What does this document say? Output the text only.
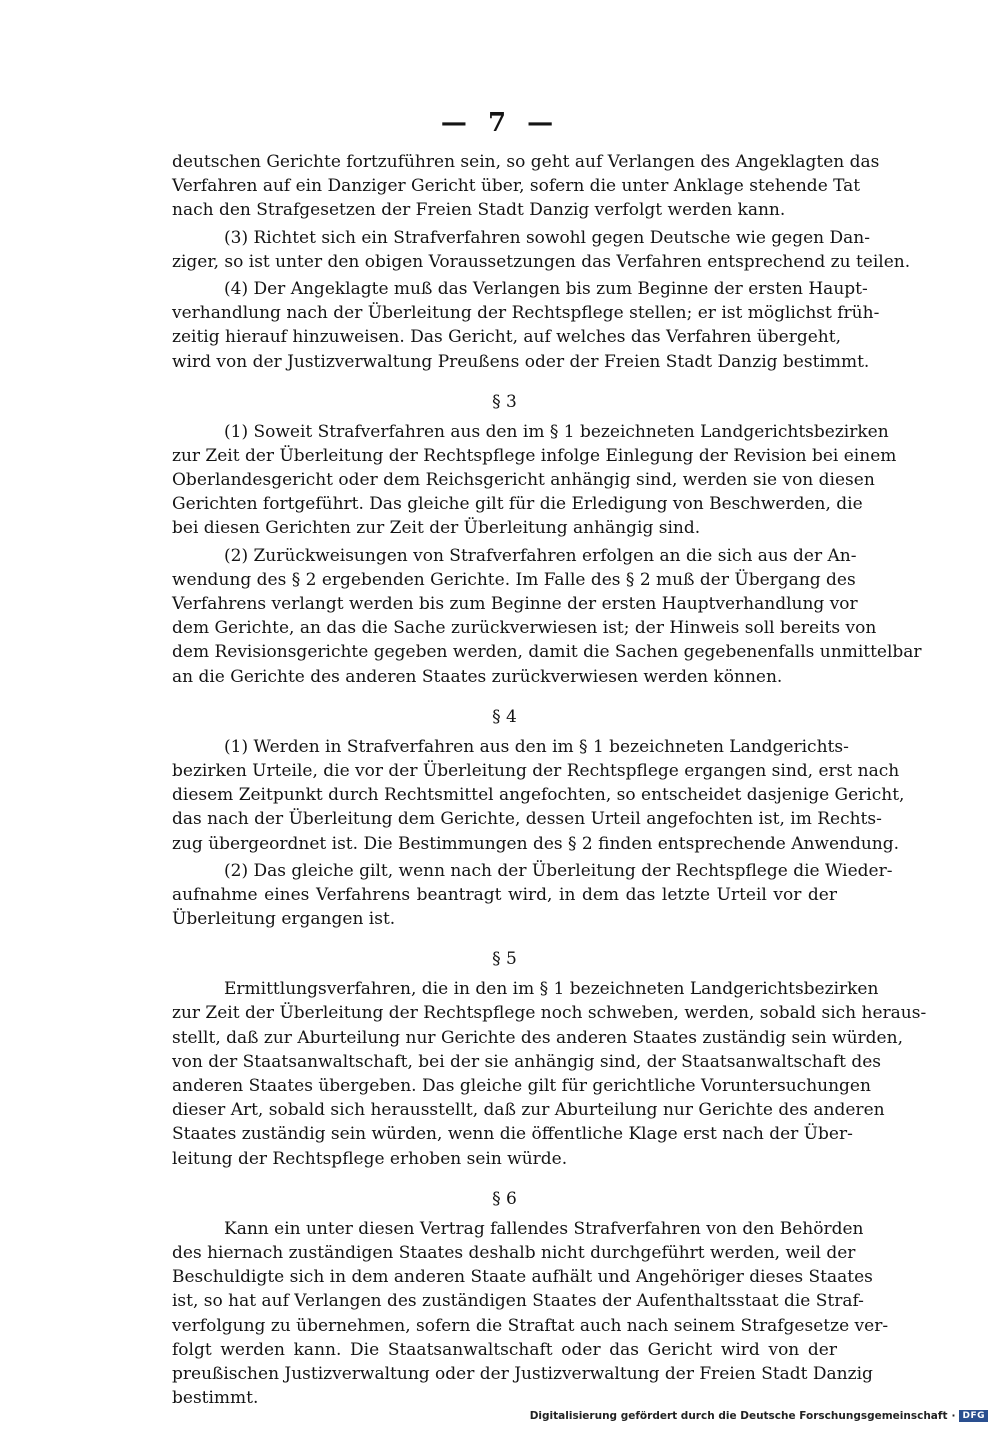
— 7 —
deutschen Gerichte fortzuführen sein, so geht auf Verlangen des Angeklagten das
Verfahren auf ein Danziger Gericht über, sofern die unter Anklage stehende Tat
nach den Strafgesetzen der Freien Stadt Danzig verfolgt werden kann.
(3) Richtet sich ein Strafverfahren sowohl gegen Deutsche wie gegen Dan-
ziger, so ist unter den obigen Voraussetzungen das Verfahren entsprechend zu teilen.
(4) Der Angeklagte muß das Verlangen bis zum Beginne der ersten Haupt-
verhandlung nach der Überleitung der Rechtspflege stellen; er ist möglichst früh-
zeitig hierauf hinzuweisen. Das Gericht, auf welches das Verfahren übergeht,
wird von der Justizverwaltung Preußens oder der Freien Stadt Danzig bestimmt.
§ 3
(1) Soweit Strafverfahren aus den im § 1 bezeichneten Landgerichtsbezirken
zur Zeit der Überleitung der Rechtspflege infolge Einlegung der Revision bei einem
Oberlandesgericht oder dem Reichsgericht anhängig sind, werden sie von diesen
Gerichten fortgeführt. Das gleiche gilt für die Erledigung von Beschwerden, die
bei diesen Gerichten zur Zeit der Überleitung anhängig sind.
(2) Zurückweisungen von Strafverfahren erfolgen an die sich aus der An-
wendung des § 2 ergebenden Gerichte. Im Falle des § 2 muß der Übergang des
Verfahrens verlangt werden bis zum Beginne der ersten Hauptverhandlung vor
dem Gerichte, an das die Sache zurückverwiesen ist; der Hinweis soll bereits von
dem Revisionsgerichte gegeben werden, damit die Sachen gegebenenfalls unmittelbar
an die Gerichte des anderen Staates zurückverwiesen werden können.
§ 4
(1) Werden in Strafverfahren aus den im § 1 bezeichneten Landgerichts-
bezirken Urteile, die vor der Überleitung der Rechtspflege ergangen sind, erst nach
diesem Zeitpunkt durch Rechtsmittel angefochten, so entscheidet dasjenige Gericht,
das nach der Überleitung dem Gerichte, dessen Urteil angefochten ist, im Rechts-
zug übergeordnet ist. Die Bestimmungen des § 2 finden entsprechende Anwendung.
(2) Das gleiche gilt, wenn nach der Überleitung der Rechtspflege die Wieder-
aufnahme eines Verfahrens beantragt wird, in dem das letzte Urteil vor der
Überleitung ergangen ist.
§ 5
Ermittlungsverfahren, die in den im § 1 bezeichneten Landgerichtsbezirken
zur Zeit der Überleitung der Rechtspflege noch schweben, werden, sobald sich heraus-
stellt, daß zur Aburteilung nur Gerichte des anderen Staates zuständig sein würden,
von der Staatsanwaltschaft, bei der sie anhängig sind, der Staatsanwaltschaft des
anderen Staates übergeben. Das gleiche gilt für gerichtliche Voruntersuchungen
dieser Art, sobald sich herausstellt, daß zur Aburteilung nur Gerichte des anderen
Staates zuständig sein würden, wenn die öffentliche Klage erst nach der Über-
leitung der Rechtspflege erhoben sein würde.
§ 6
Kann ein unter diesen Vertrag fallendes Strafverfahren von den Behörden
des hiernach zuständigen Staates deshalb nicht durchgeführt werden, weil der
Beschuldigte sich in dem anderen Staate aufhält und Angehöriger dieses Staates
ist, so hat auf Verlangen des zuständigen Staates der Aufenthaltsstaat die Straf-
verfolgung zu übernehmen, sofern die Straftat auch nach seinem Strafgesetze ver-
folgt werden kann. Die Staatsanwaltschaft oder das Gericht wird von der
preußischen Justizverwaltung oder der Justizverwaltung der Freien Stadt Danzig
bestimmt.
Digitalisierung gefördert durch die Deutsche Forschungsgemeinschaft · DFG
